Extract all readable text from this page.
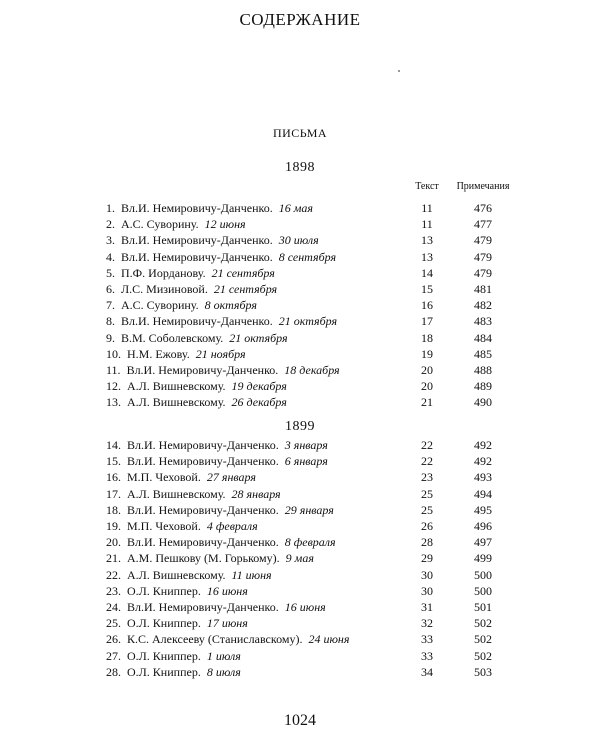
СОДЕРЖАНИЕ
ПИСЬМА
1898
Текст	Примечания
1. Вл.И. Немировичу-Данченко. 16 мая	11	476
2. А.С. Суворину. 12 июня	11	477
3. Вл.И. Немировичу-Данченко. 30 июля	13	479
4. Вл.И. Немировичу-Данченко. 8 сентября	13	479
5. П.Ф. Иорданову. 21 сентября	14	479
6. Л.С. Мизиновой. 21 сентября	15	481
7. А.С. Суворину. 8 октября	16	482
8. Вл.И. Немировичу-Данченко. 21 октября	17	483
9. В.М. Соболевскому. 21 октября	18	484
10. Н.М. Ежову. 21 ноября	19	485
11. Вл.И. Немировичу-Данченко. 18 декабря	20	488
12. А.Л. Вишневскому. 19 декабря	20	489
13. А.Л. Вишневскому. 26 декабря	21	490
1899
14. Вл.И. Немировичу-Данченко. 3 января	22	492
15. Вл.И. Немировичу-Данченко. 6 января	22	492
16. М.П. Чеховой. 27 января	23	493
17. А.Л. Вишневскому. 28 января	25	494
18. Вл.И. Немировичу-Данченко. 29 января	25	495
19. М.П. Чеховой. 4 февраля	26	496
20. Вл.И. Немировичу-Данченко. 8 февраля	28	497
21. А.М. Пешкову (М. Горькому). 9 мая	29	499
22. А.Л. Вишневскому. 11 июня	30	500
23. О.Л. Книппер. 16 июня	30	500
24. Вл.И. Немировичу-Данченко. 16 июня	31	501
25. О.Л. Книппер. 17 июня	32	502
26. К.С. Алексееву (Станиславскому). 24 июня	33	502
27. О.Л. Книппер. 1 июля	33	502
28. О.Л. Книппер. 8 июля	34	503
1024
